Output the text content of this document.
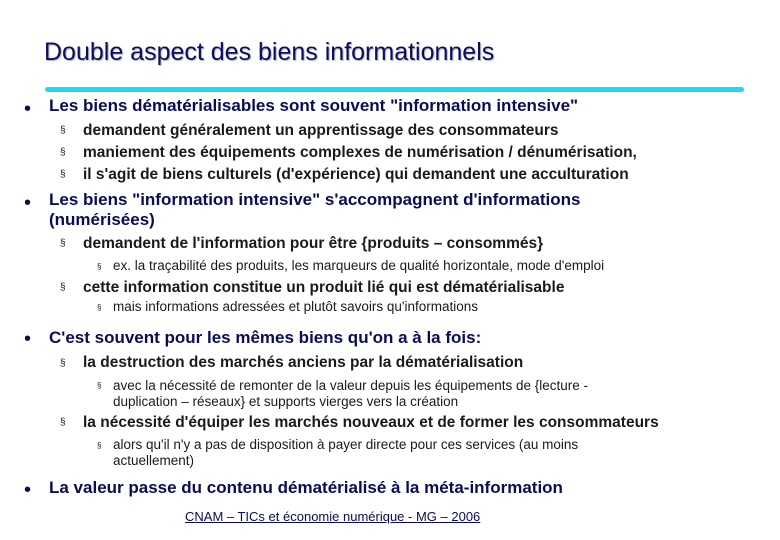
Double aspect des biens informationnels
• Les biens dématérialisables sont souvent "information intensive"
§ demandent généralement un apprentissage des consommateurs
§ maniement des équipements complexes de numérisation / dénumérisation,
§ il s'agit de biens culturels (d'expérience) qui demandent une acculturation
• Les biens "information intensive" s'accompagnent d'informations
(numérisées)
§ demandent de l'information pour être {produits – consommés}
§ ex. la traçabilité des produits, les marqueurs de qualité horizontale, mode d'emploi
§ cette information constitue un produit lié qui est dématérialisable
§ mais informations adressées et plutôt savoirs qu'informations
• C'est souvent pour les mêmes biens qu'on a à la fois:
§ la destruction des marchés anciens par la dématérialisation
§ avec la nécessité de remonter de la valeur depuis les équipements de {lecture -
duplication – réseaux} et supports vierges vers la création
§ la nécessité d'équiper les marchés nouveaux et de former les consommateurs
§ alors qu'il n'y a pas de disposition à payer directe pour ces services (au moins
actuellement)
• La valeur passe du contenu dématérialisé à la méta-information
CNAM – TICs et économie numérique - MG – 2006
